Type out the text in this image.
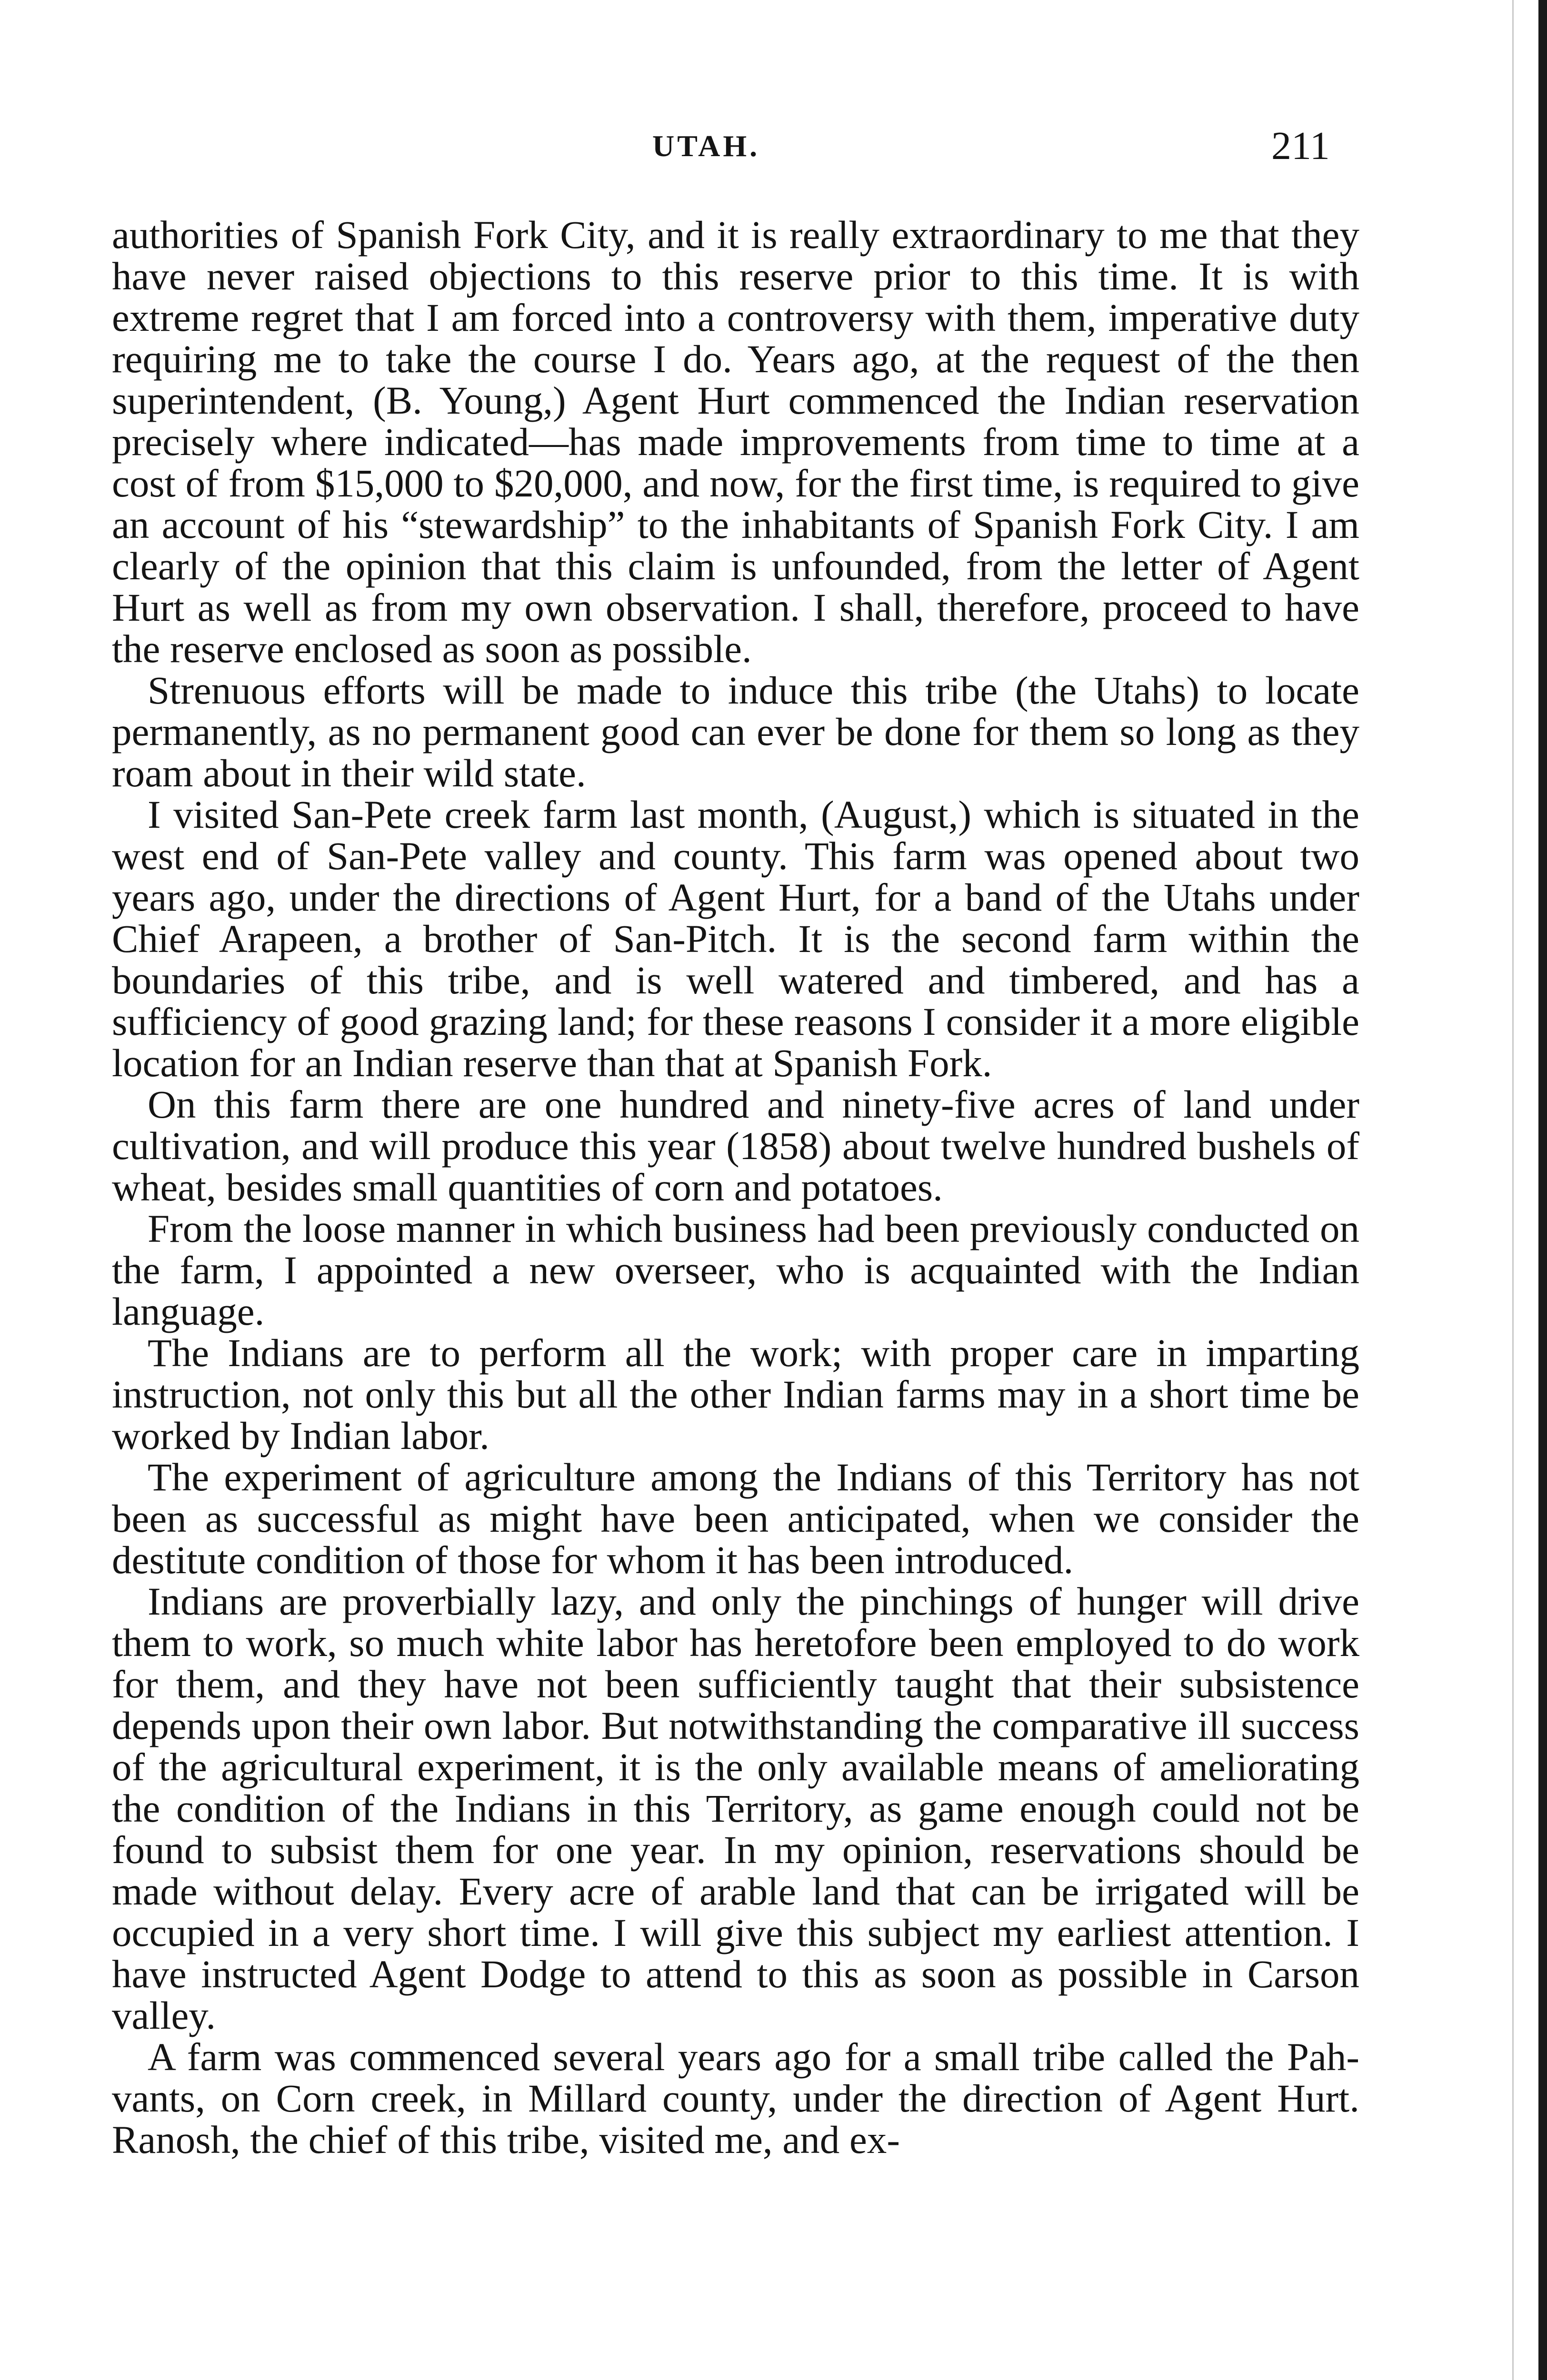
UTAH.	211

authorities of Spanish Fork City, and it is really extraordinary to me that they have never raised objections to this reserve prior to this time. It is with extreme regret that I am forced into a controversy with them, imperative duty requiring me to take the course I do. Years ago, at the request of the then superintendent, (B. Young,) Agent Hurt commenced the Indian reservation precisely where indicated—has made improvements from time to time at a cost of from $15,000 to $20,000, and now, for the first time, is required to give an account of his “stewardship” to the inhabitants of Spanish Fork City. I am clearly of the opinion that this claim is unfounded, from the letter of Agent Hurt as well as from my own observation. I shall, therefore, proceed to have the reserve enclosed as soon as possible.

Strenuous efforts will be made to induce this tribe (the Utahs) to locate permanently, as no permanent good can ever be done for them so long as they roam about in their wild state.

I visited San-Pete creek farm last month, (August,) which is situated in the west end of San-Pete valley and county. This farm was opened about two years ago, under the directions of Agent Hurt, for a band of the Utahs under Chief Arapeen, a brother of San-Pitch. It is the second farm within the boundaries of this tribe, and is well watered and timbered, and has a sufficiency of good grazing land; for these reasons I consider it a more eligible location for an Indian reserve than that at Spanish Fork.

On this farm there are one hundred and ninety-five acres of land under cultivation, and will produce this year (1858) about twelve hundred bushels of wheat, besides small quantities of corn and potatoes.

From the loose manner in which business had been previously conducted on the farm, I appointed a new overseer, who is acquainted with the Indian language.

The Indians are to perform all the work; with proper care in imparting instruction, not only this but all the other Indian farms may in a short time be worked by Indian labor.

The experiment of agriculture among the Indians of this Territory has not been as successful as might have been anticipated, when we consider the destitute condition of those for whom it has been introduced.

Indians are proverbially lazy, and only the pinchings of hunger will drive them to work, so much white labor has heretofore been employed to do work for them, and they have not been sufficiently taught that their subsistence depends upon their own labor. But notwithstanding the comparative ill success of the agricultural experiment, it is the only available means of ameliorating the condition of the Indians in this Territory, as game enough could not be found to subsist them for one year. In my opinion, reservations should be made without delay. Every acre of arable land that can be irrigated will be occupied in a very short time. I will give this subject my earliest attention. I have instructed Agent Dodge to attend to this as soon as possible in Carson valley.

A farm was commenced several years ago for a small tribe called the Pah-vants, on Corn creek, in Millard county, under the direction of Agent Hurt. Ranosh, the chief of this tribe, visited me, and ex-
